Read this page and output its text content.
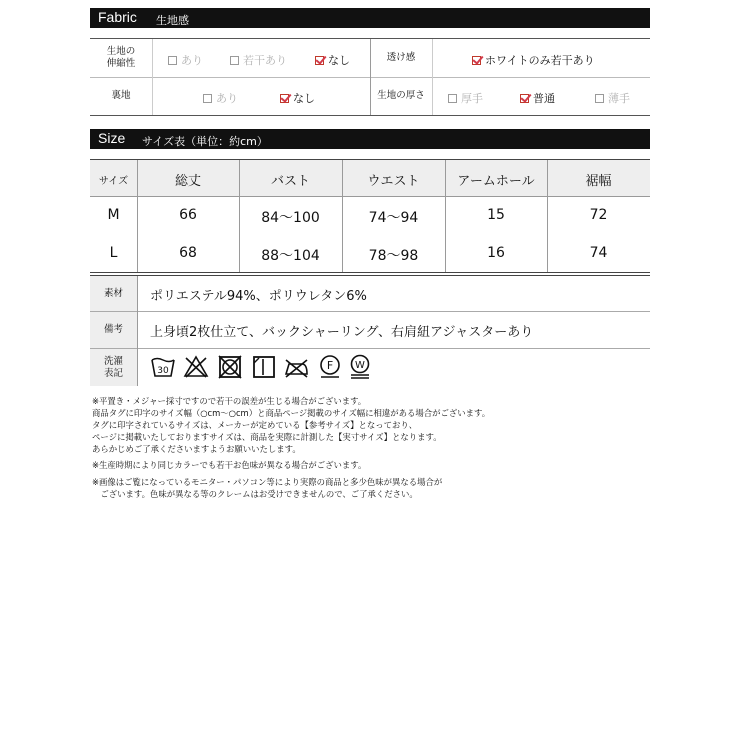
Fabric 生地感
生地の
伸縮性	あり	若干あり	なし	透け感	ホワイトのみ若干あり
裏地	あり	なし	生地の厚さ	厚手	普通	薄手
Size サイズ表（単位：約cm）
サイズ	総丈	バスト	ウエスト	アームホール	裾幅
M	66	84～100	74～94	15	72
L	68	88～104	78～98	16	74
素材	ポリエステル94%、ポリウレタン6%
備考	上身頃2枚仕立て、バックシャーリング、右肩紐アジャスターあり
洗濯
表記	30	F W
※平置き・メジャー採寸ですので若干の誤差が生じる場合がございます。
商品タグに印字のサイズ幅（○cm～○cm）と商品ページ掲載のサイズ幅に相違がある場合がございます。
タグに印字されているサイズは、メーカーが定めている【参考サイズ】となっており、
ページに掲載いたしておりますサイズは、商品を実際に計測した【実寸サイズ】となります。
あらかじめご了承くださいますようお願いいたします。
※生産時期により同じカラーでも若干お色味が異なる場合がございます。
※画像はご覧になっているモニター・パソコン等により実際の商品と多少色味が異なる場合が
　ございます。色味が異なる等のクレームはお受けできませんので、ご了承ください。
